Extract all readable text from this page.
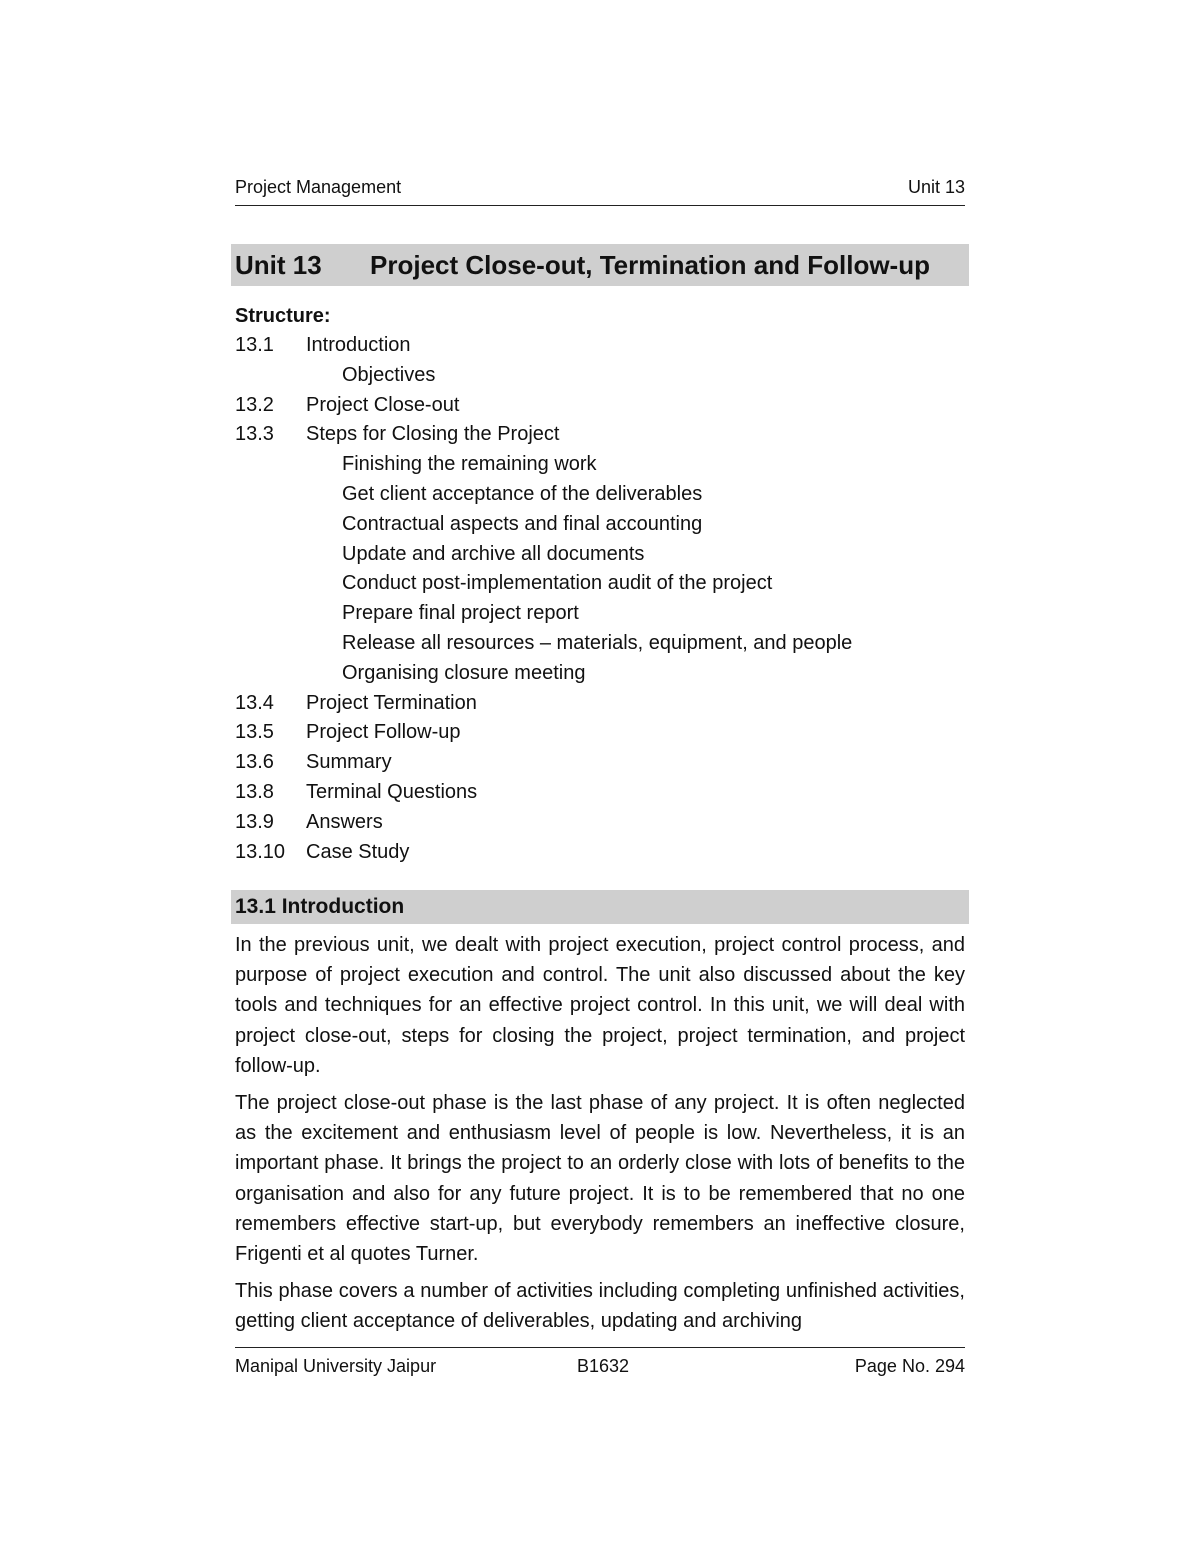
Project Management	Unit 13
Unit 13 Project Close-out, Termination and Follow-up
Structure:
13.1 Introduction
Objectives
13.2 Project Close-out
13.3 Steps for Closing the Project
Finishing the remaining work
Get client acceptance of the deliverables
Contractual aspects and final accounting
Update and archive all documents
Conduct post-implementation audit of the project
Prepare final project report
Release all resources – materials, equipment, and people
Organising closure meeting
13.4 Project Termination
13.5 Project Follow-up
13.6 Summary
13.8 Terminal Questions
13.9 Answers
13.10 Case Study
13.1 Introduction

In the previous unit, we dealt with project execution, project control process, and purpose of project execution and control. The unit also discussed about the key tools and techniques for an effective project control. In this unit, we will deal with project close-out, steps for closing the project, project termination, and project follow-up.

The project close-out phase is the last phase of any project. It is often neglected as the excitement and enthusiasm level of people is low. Nevertheless, it is an important phase. It brings the project to an orderly close with lots of benefits to the organisation and also for any future project. It is to be remembered that no one remembers effective start-up, but everybody remembers an ineffective closure, Frigenti et al quotes Turner.

This phase covers a number of activities including completing unfinished activities, getting client acceptance of deliverables, updating and archiving

Manipal University Jaipur	B1632	Page No. 294
